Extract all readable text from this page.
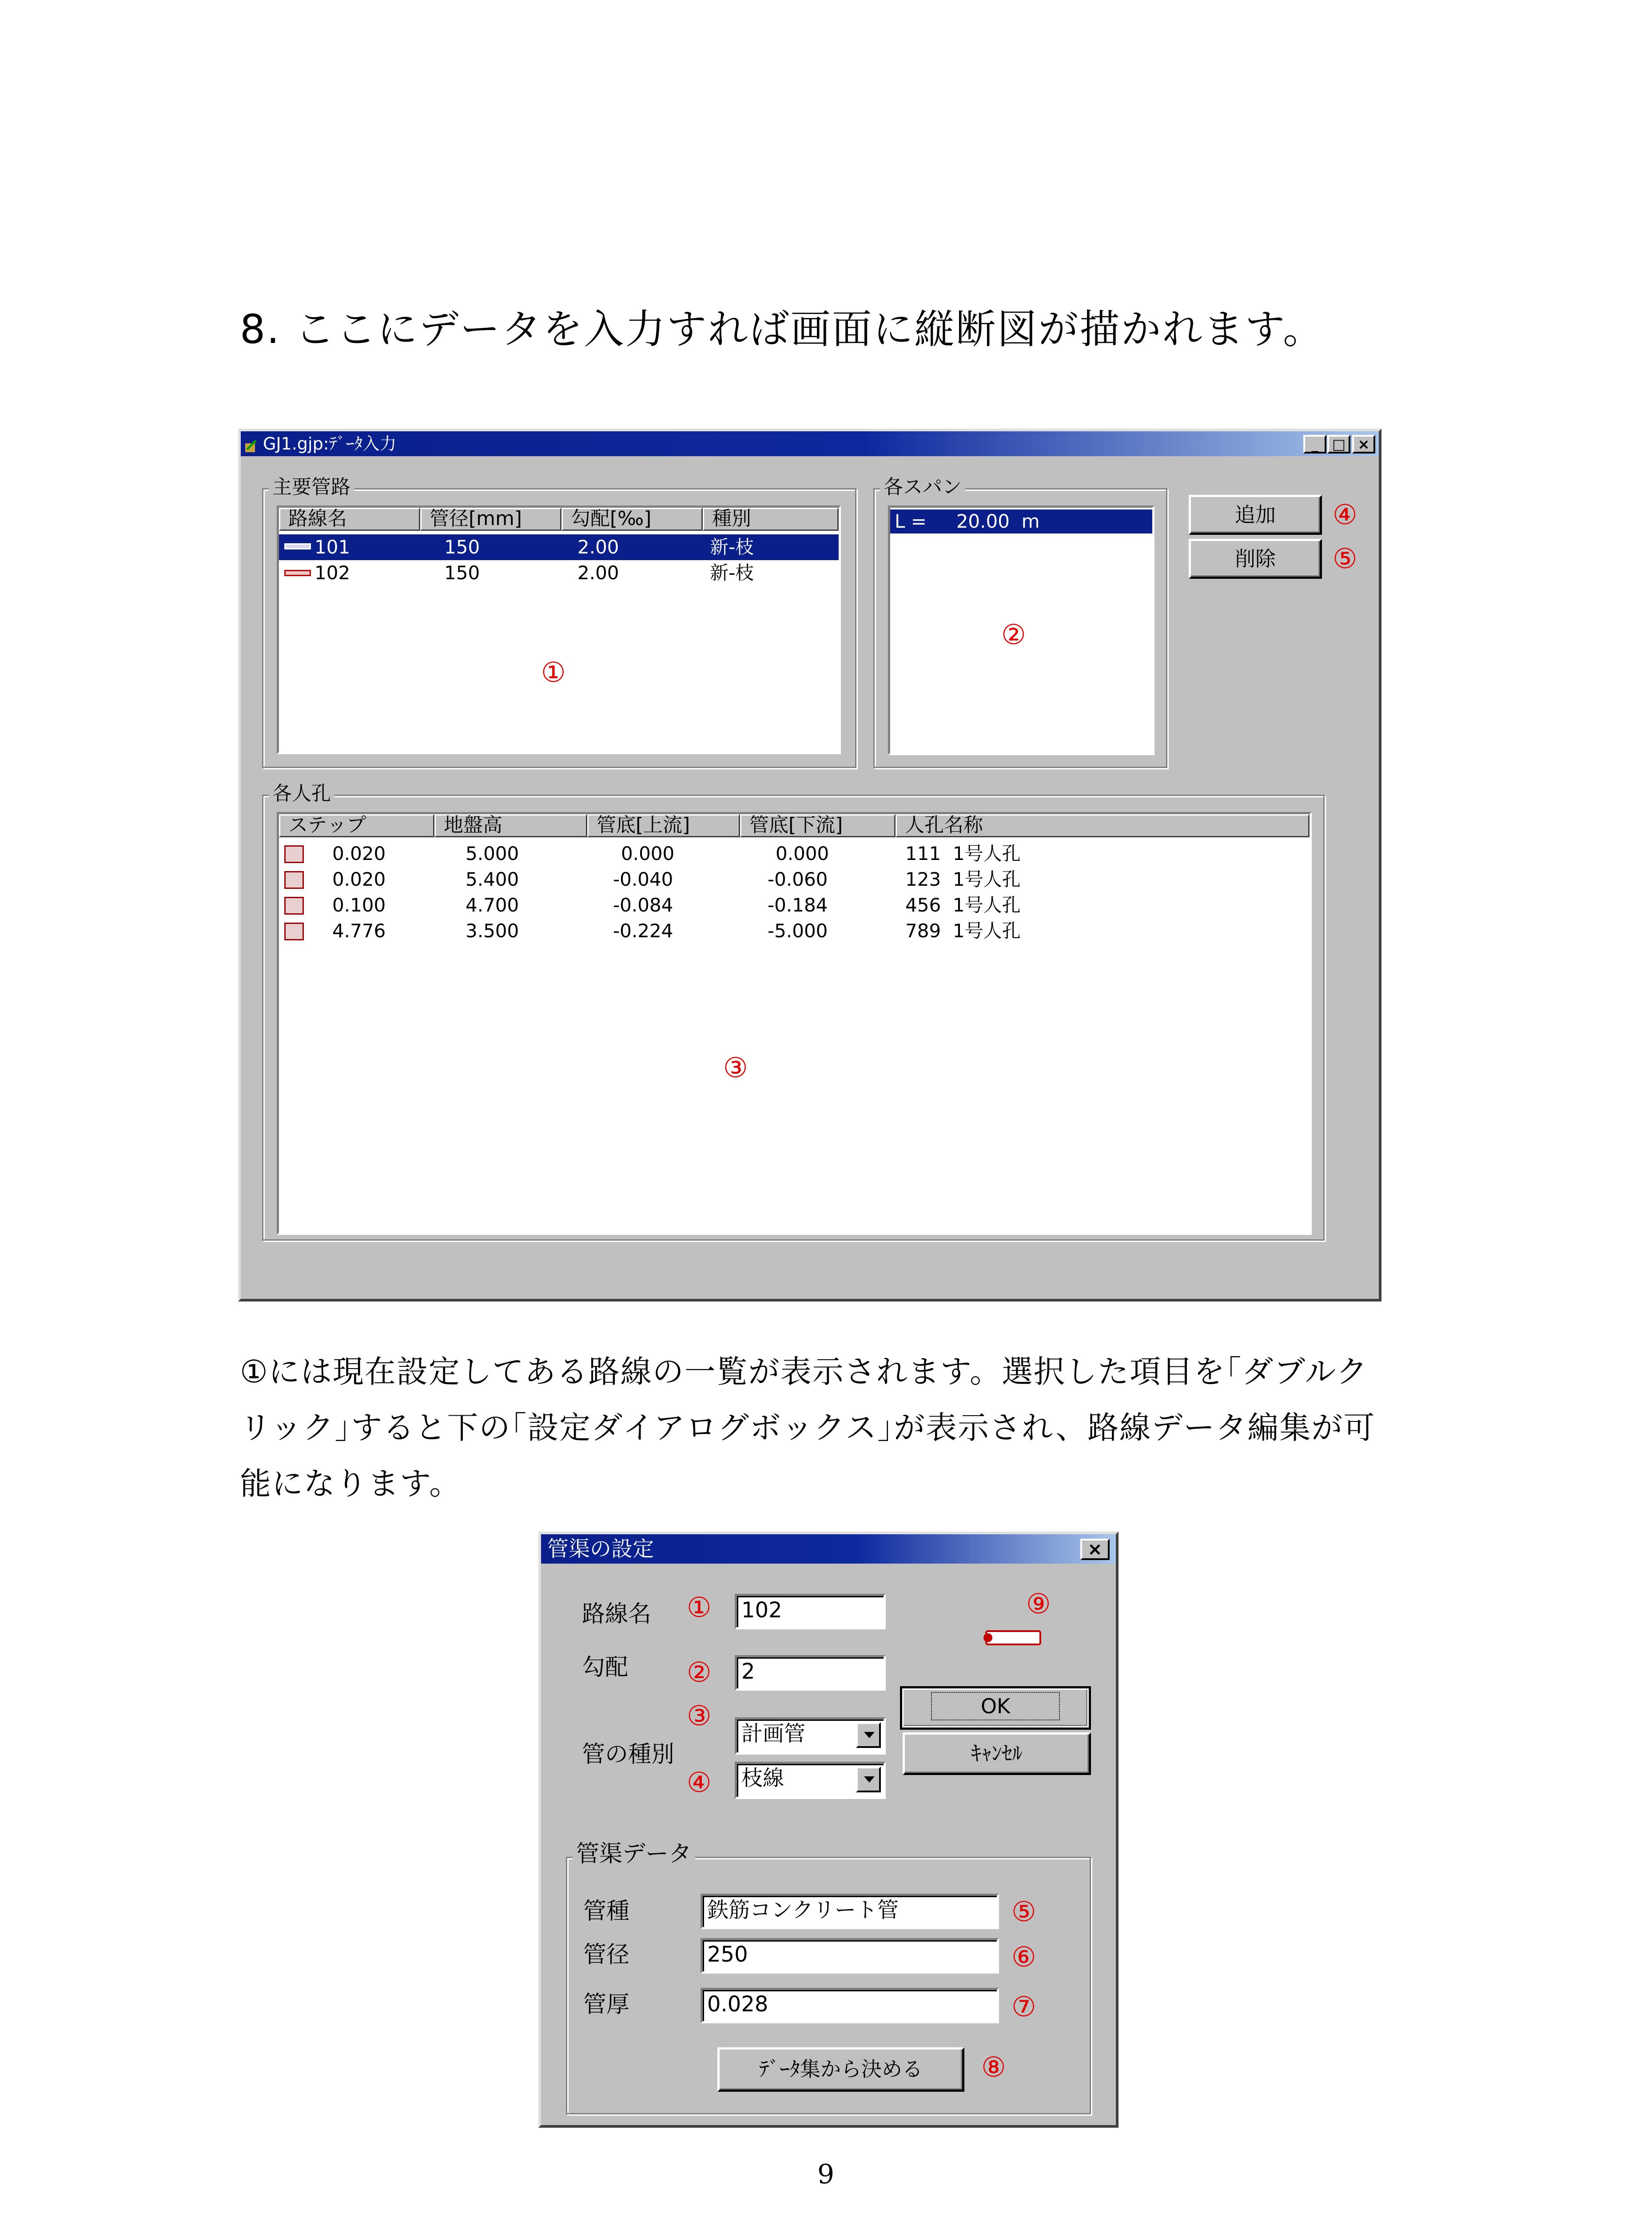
8. ここにデータを入力すれば画面に縦断図が描かれます。
GJ1.gjp:ﾃﾞｰﾀ入力	_ □ ×
主要管路
路線名	管径[mm]	勾配[‰]	種別
101	150	2.00	新-枝
102	150	2.00	新-枝
①
各スパン
L =     20.00  m
②
追加	④
削除	⑤
各人孔
ステップ	地盤高	管底[上流]	管底[下流]	人孔名称
0.020	5.000	0.000	0.000	111  1号人孔
0.020	5.400	-0.040	-0.060	123  1号人孔
0.100	4.700	-0.084	-0.184	456  1号人孔
4.776	3.500	-0.224	-5.000	789  1号人孔
③
①には現在設定してある路線の一覧が表示されます。選択した項目を｢ダブルク
リック｣すると下の｢設定ダイアログボックス｣が表示され、路線データ編集が可
能になります。
管渠の設定	×
路線名 ①	102
勾配 ②	2
⑨
③
計画管
管の種別
④	枝線
OK
ｷｬﾝｾﾙ
管渠データ
管種	鉄筋コンクリート管	⑤
管径	250	⑥
管厚	0.028	⑦
ﾃﾞｰﾀ集から決める	⑧
9
